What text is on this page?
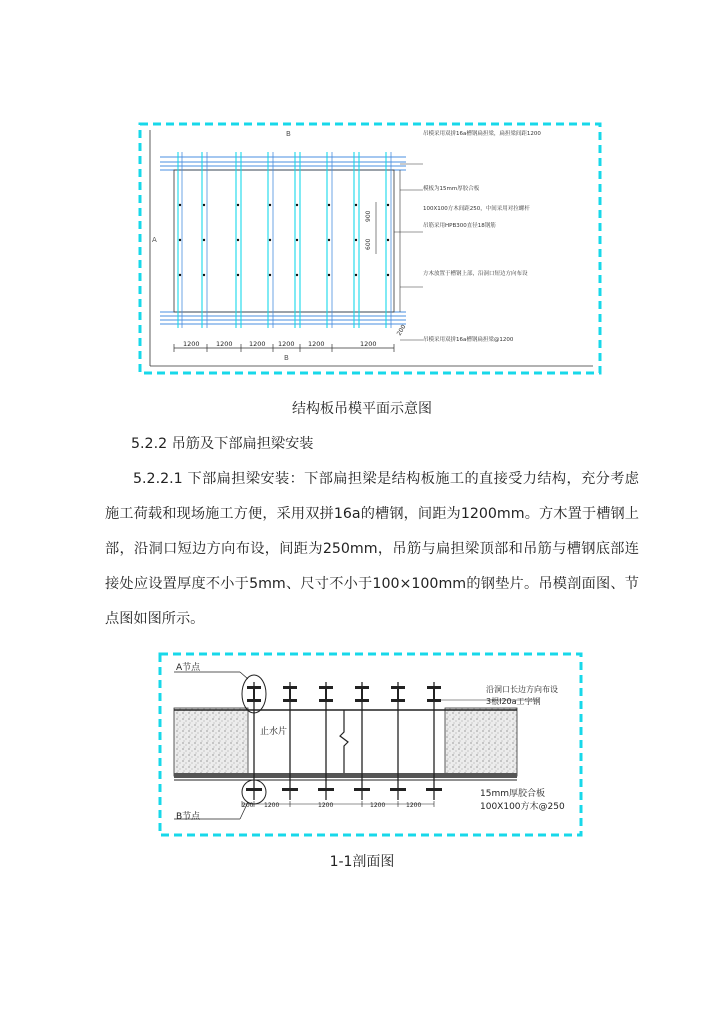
B
B
A
900
600
200
1200	1200	1200 1200 1200	1200
吊模采用双拼16a槽钢扁担梁，扁担梁间距1200
模板为15mm厚胶合板
100X100方木间距250，中间采用对拉螺杆
吊筋采用HPB300直径18钢筋
方木放置于槽钢上部，沿洞口短边方向布设
吊模采用双拼16a槽钢扁担梁@1200
结构板吊模平面示意图
5.2.2 吊筋及下部扁担梁安装

5.2.2.1 下部扁担梁安装：下部扁担梁是结构板施工的直接受力结构，充分考虑施工荷载和现场施工方便，采用双拼16a的槽钢，间距为1200mm。方木置于槽钢上部，沿洞口短边方向布设，间距为250mm，吊筋与扁担梁顶部和吊筋与槽钢底部连接处应设置厚度不小于5mm、尺寸不小于100×100mm的钢垫片。吊模剖面图、节点图如图所示。

A节点
B节点
止水片
沿洞口长边方向布设
3根I20a工字钢
15mm厚胶合板
100X100方木@250
200 1200	1200	1200	1200
1-1剖面图
